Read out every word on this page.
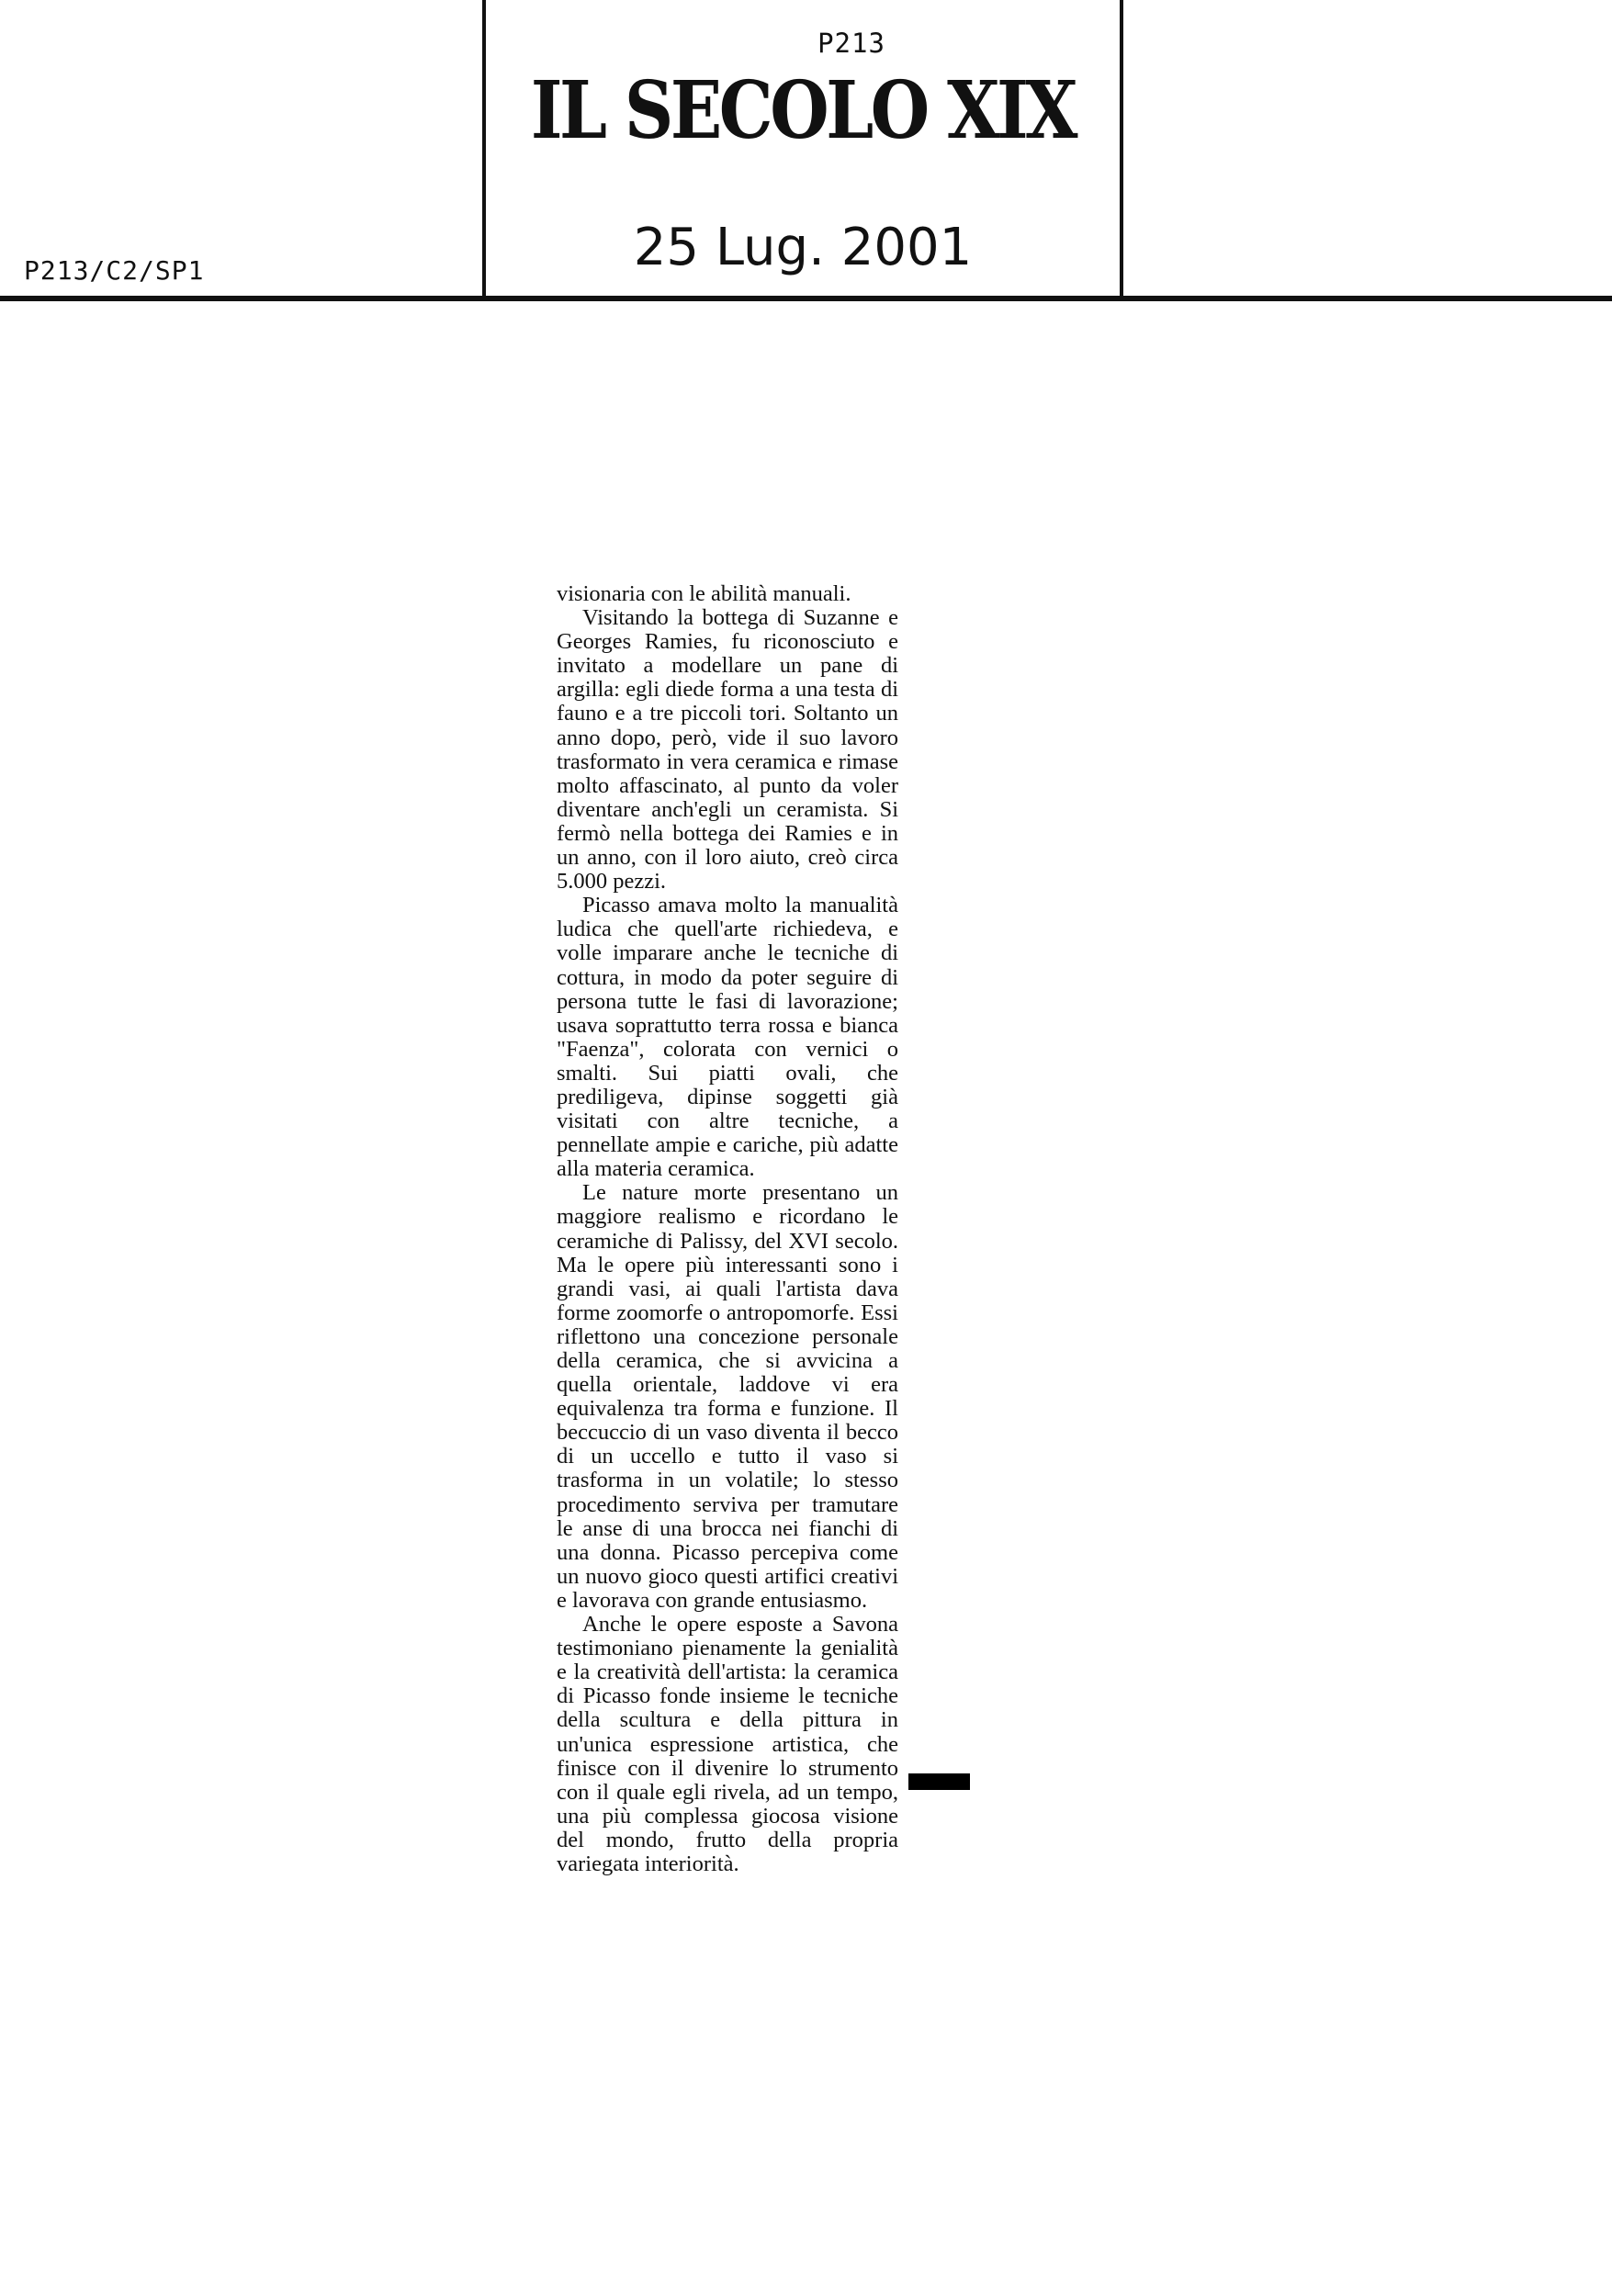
P213
IL SECOLO XIX
25 Lug. 2001
P213/C2/SP1

visionaria con le abilità manuali.

Visitando la bottega di Suzanne e Georges Ramies, fu riconosciuto e invitato a modellare un pane di argilla: egli diede forma a una testa di fauno e a tre piccoli tori. Soltanto un anno dopo, però, vide il suo lavoro trasformato in vera ceramica e rimase molto affascinato, al punto da voler diventare anch'egli un ceramista. Si fermò nella bottega dei Ramies e in un anno, con il loro aiuto, creò circa 5.000 pezzi.

Picasso amava molto la manualità ludica che quell'arte richiedeva, e volle imparare anche le tecniche di cottura, in modo da poter seguire di persona tutte le fasi di lavorazione; usava soprattutto terra rossa e bianca "Faenza", colorata con vernici o smalti. Sui piatti ovali, che prediligeva, dipinse soggetti già visitati con altre tecniche, a pennellate ampie e cariche, più adatte alla materia ceramica.

Le nature morte presentano un maggiore realismo e ricordano le ceramiche di Palissy, del XVI secolo. Ma le opere più interessanti sono i grandi vasi, ai quali l'artista dava forme zoomorfe o antropomorfe. Essi riflettono una concezione personale della ceramica, che si avvicina a quella orientale, laddove vi era equivalenza tra forma e funzione. Il beccuccio di un vaso diventa il becco di un uccello e tutto il vaso si trasforma in un volatile; lo stesso procedimento serviva per tramutare le anse di una brocca nei fianchi di una donna. Picasso percepiva come un nuovo gioco questi artifici creativi e lavorava con grande entusiasmo.

Anche le opere esposte a Savona testimoniano pienamente la genialità e la creatività dell'artista: la ceramica di Picasso fonde insieme le tecniche della scultura e della pittura in un'unica espressione artistica, che finisce con il divenire lo strumento con il quale egli rivela, ad un tempo, una più complessa giocosa visione del mondo, frutto della propria variegata interiorità.
